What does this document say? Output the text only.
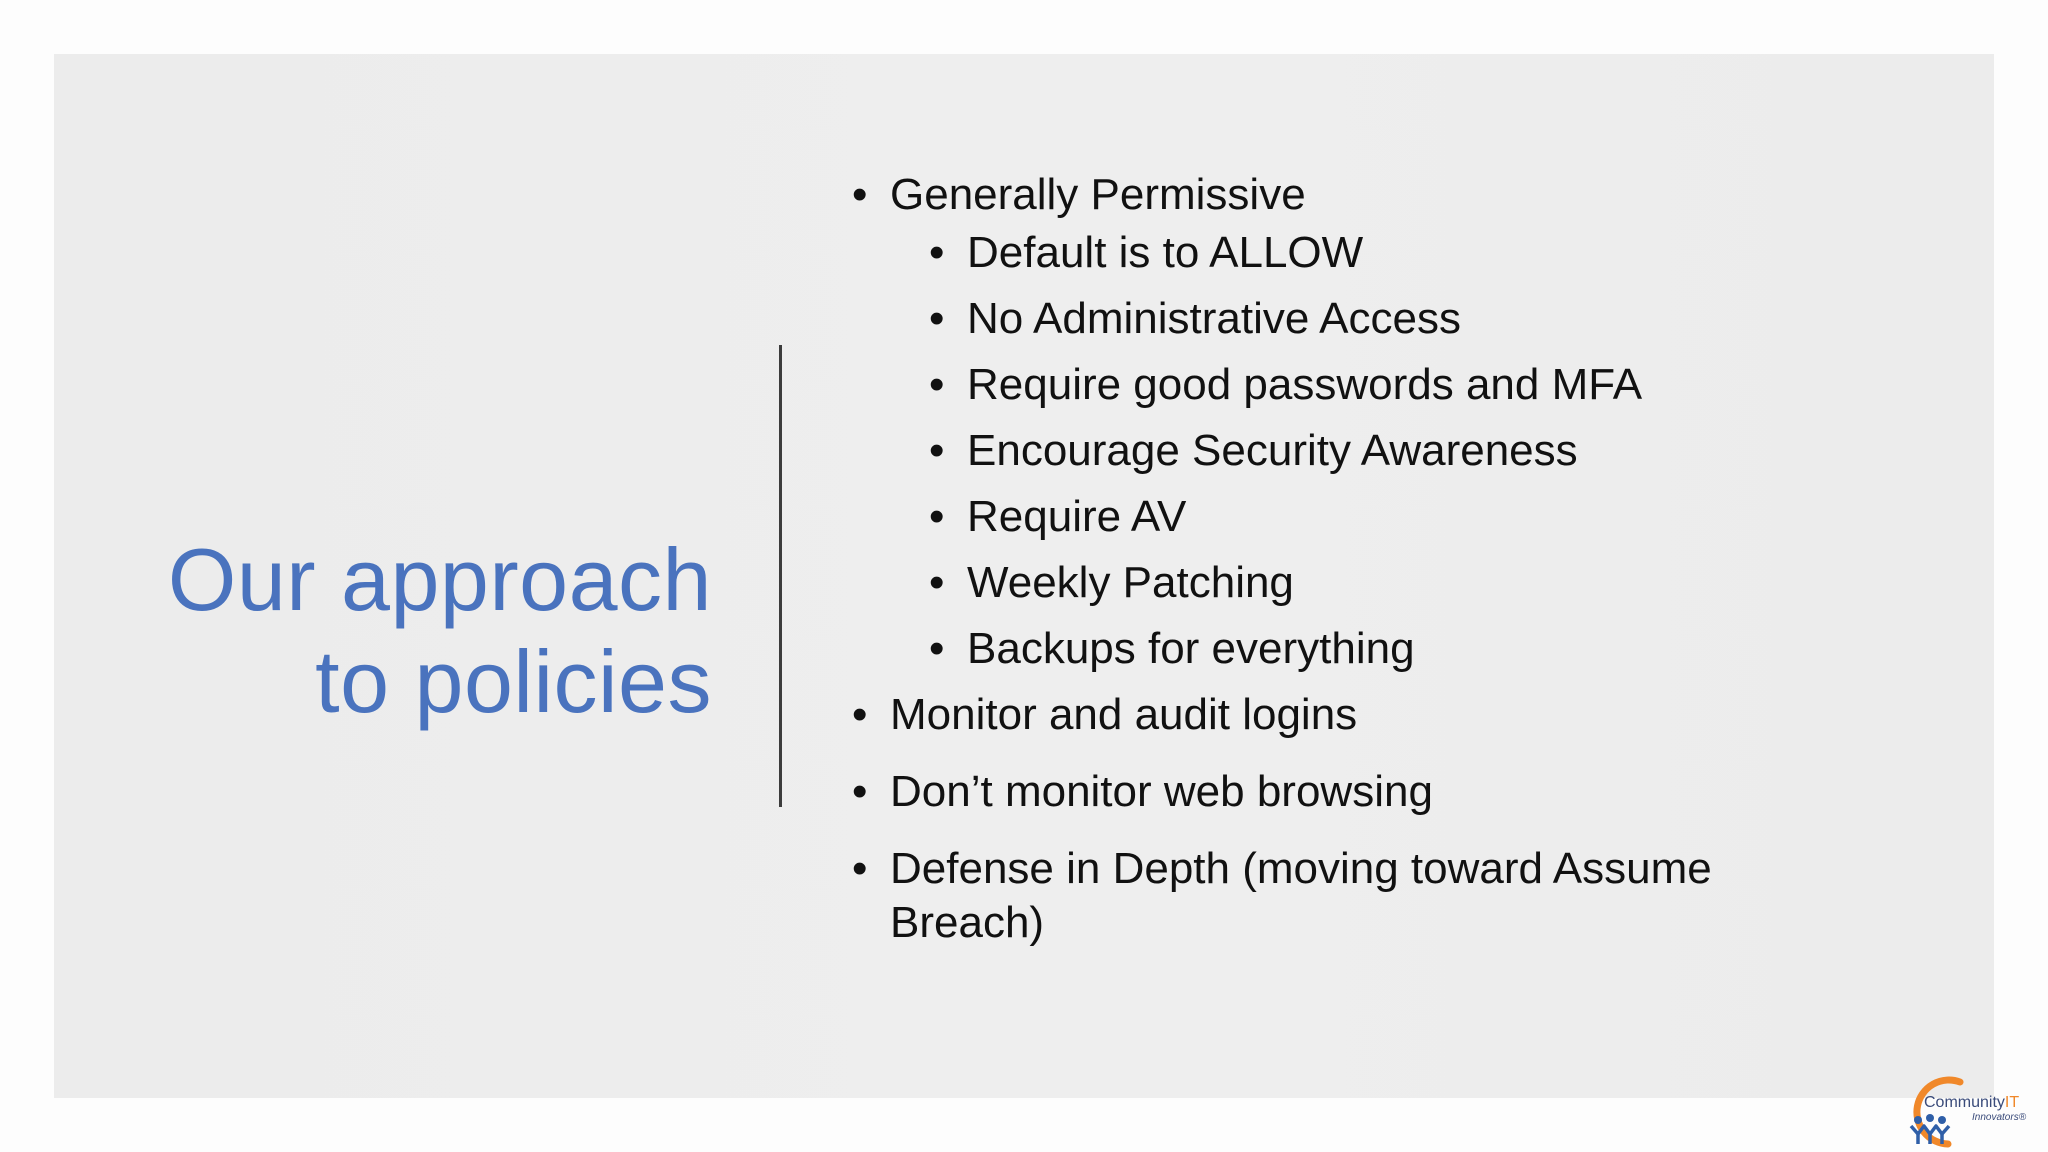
Our approach
to policies
• Generally Permissive
• Default is to ALLOW
• No Administrative Access
• Require good passwords and MFA
• Encourage Security Awareness
• Require AV
• Weekly Patching
• Backups for everything
• Monitor and audit logins
• Don’t monitor web browsing
• Defense in Depth (moving toward Assume
Breach)
CommunityIT
Innovators®
